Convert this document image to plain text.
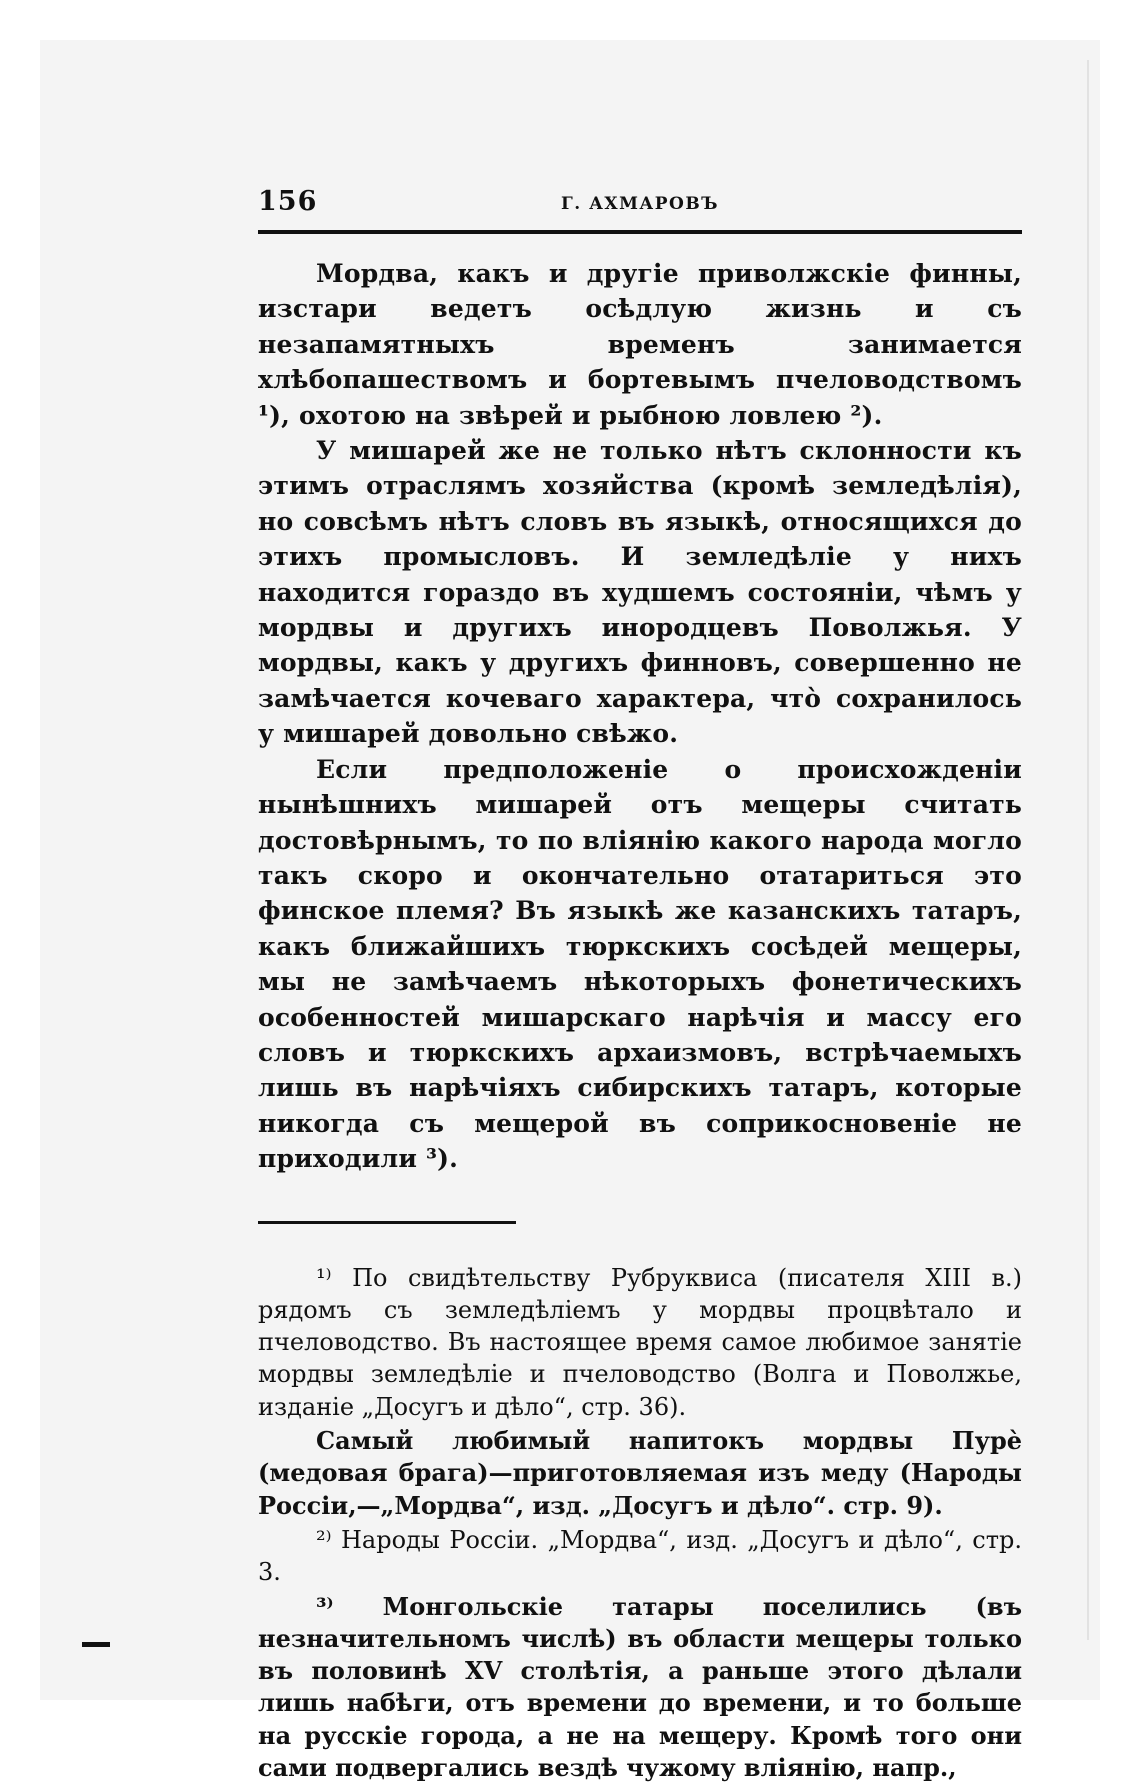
156	Г. АХМАРОВЪ

Мордва, какъ и другіе приволжскіе финны, изстари ведетъ осѣдлую жизнь и съ незапамятныхъ временъ занимается хлѣбопашествомъ и бортевымъ пчеловодствомъ ¹), охотою на звѣрей и рыбною ловлею ²).

У мишарей же не только нѣтъ склонности къ этимъ отраслямъ хозяйства (кромѣ земледѣлія), но совсѣмъ нѣтъ словъ въ языкѣ, относящихся до этихъ промысловъ. И земледѣліе у нихъ находится гораздо въ худшемъ состояніи, чѣмъ у мордвы и другихъ инородцевъ Поволжья. У мордвы, какъ у другихъ финновъ, совершенно не замѣчается кочеваго характера, что̀ сохранилось у мишарей довольно свѣжо.

Если предположеніе о происхожденіи нынѣшнихъ мишарей отъ мещеры считать достовѣрнымъ, то по вліянію какого народа могло такъ скоро и окончательно отатариться это финское племя? Въ языкѣ же казанскихъ татаръ, какъ ближайшихъ тюркскихъ сосѣдей мещеры, мы не замѣчаемъ нѣкоторыхъ фонетическихъ особенностей мишарскаго нарѣчія и массу его словъ и тюркскихъ архаизмовъ, встрѣчаемыхъ лишь въ нарѣчіяхъ сибирскихъ татаръ, которые никогда съ мещерой въ соприкосновеніе не приходили ³).

¹⁾ По свидѣтельству Рубруквиса (писателя XIII в.) рядомъ съ земледѣліемъ у мордвы процвѣтало и пчеловодство. Въ настоящее время самое любимое занятіе мордвы земледѣліе и пчеловодство (Волга и Поволжье, изданіе „Досугъ и дѣло“, стр. 36).

Самый любимый напитокъ мордвы Пурѐ (медовая брага)—приготовляемая изъ меду (Народы Россіи,—„Мордва“, изд. „Досугъ и дѣло“. стр. 9).

²⁾ Народы Россіи. „Мордва“, изд. „Досугъ и дѣло“, стр. 3.

³⁾ Монгольскіе татары поселились (въ незначительномъ числѣ) въ области мещеры только въ половинѣ XV столѣтія, а раньше этого дѣлали лишь набѣги, отъ времени до времени, и то больше на русскіе города, а не на мещеру. Кромѣ того они сами подвергались вездѣ чужому вліянію, напр.,
